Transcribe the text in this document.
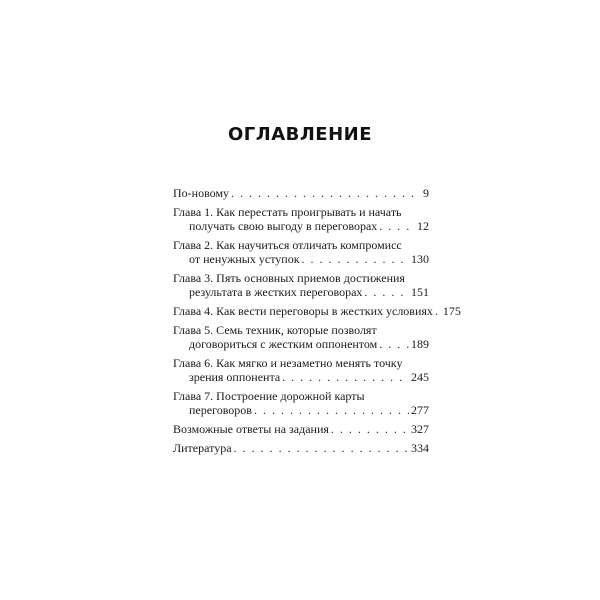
ОГЛАВЛЕНИЕ
По-новому . . .	9
Глава 1. Как перестать проигрывать и начать
получать свою выгоду в переговорах . . .	12
Глава 2. Как научиться отличать компромисс
от ненужных уступок . . .	130
Глава 3. Пять основных приемов достижения
результата в жестких переговорах . . .	151
Глава 4. Как вести переговоры в жестких условиях . . . 175
Глава 5. Семь техник, которые позволят
договориться с жестким оппонентом . . .	189
Глава 6. Как мягко и незаметно менять точку
зрения оппонента . . .	245
Глава 7. Построение дорожной карты
переговоров . . .	277
Возможные ответы на задания . . .	327
Литература . . .	334
